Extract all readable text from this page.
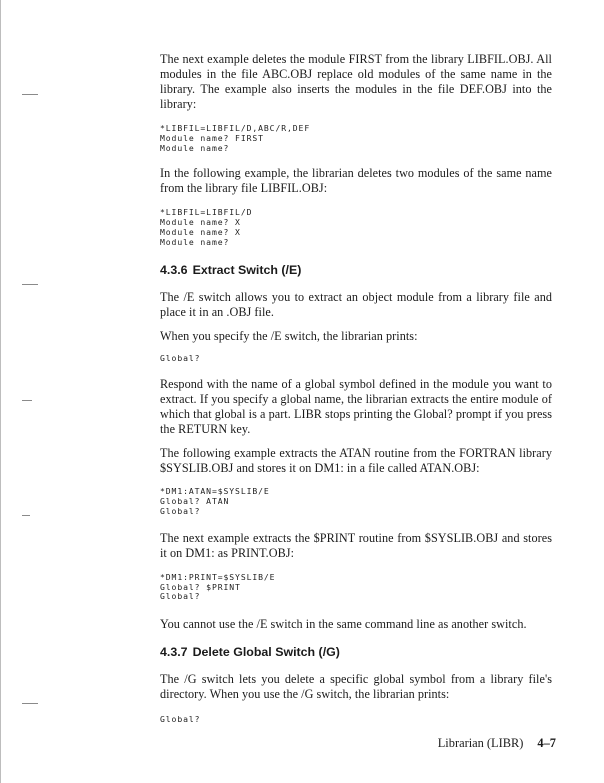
The next example deletes the module FIRST from the library LIBFIL.OBJ. All modules in the file ABC.OBJ replace old modules of the same name in the library. The example also inserts the modules in the file DEF.OBJ into the library:

*LIBFIL=LIBFIL/D,ABC/R,DEF
Module name? FIRST
Module name?

In the following example, the librarian deletes two modules of the same name from the library file LIBFIL.OBJ:

*LIBFIL=LIBFIL/D
Module name? X
Module name? X
Module name?
4.3.6 Extract Switch (/E)

The /E switch allows you to extract an object module from a library file and place it in an .OBJ file.

When you specify the /E switch, the librarian prints:

Global?

Respond with the name of a global symbol defined in the module you want to extract. If you specify a global name, the librarian extracts the entire module of which that global is a part. LIBR stops printing the Global? prompt if you press the RETURN key.

The following example extracts the ATAN routine from the FORTRAN library $SYSLIB.OBJ and stores it on DM1: in a file called ATAN.OBJ:

*DM1:ATAN=$SYSLIB/E
Global? ATAN
Global?

The next example extracts the $PRINT routine from $SYSLIB.OBJ and stores it on DM1: as PRINT.OBJ:

*DM1:PRINT=$SYSLIB/E
Global? $PRINT
Global?

You cannot use the /E switch in the same command line as another switch.

4.3.7 Delete Global Switch (/G)

The /G switch lets you delete a specific global symbol from a library file's directory. When you use the /G switch, the librarian prints:

Global?
Librarian (LIBR) 4–7
